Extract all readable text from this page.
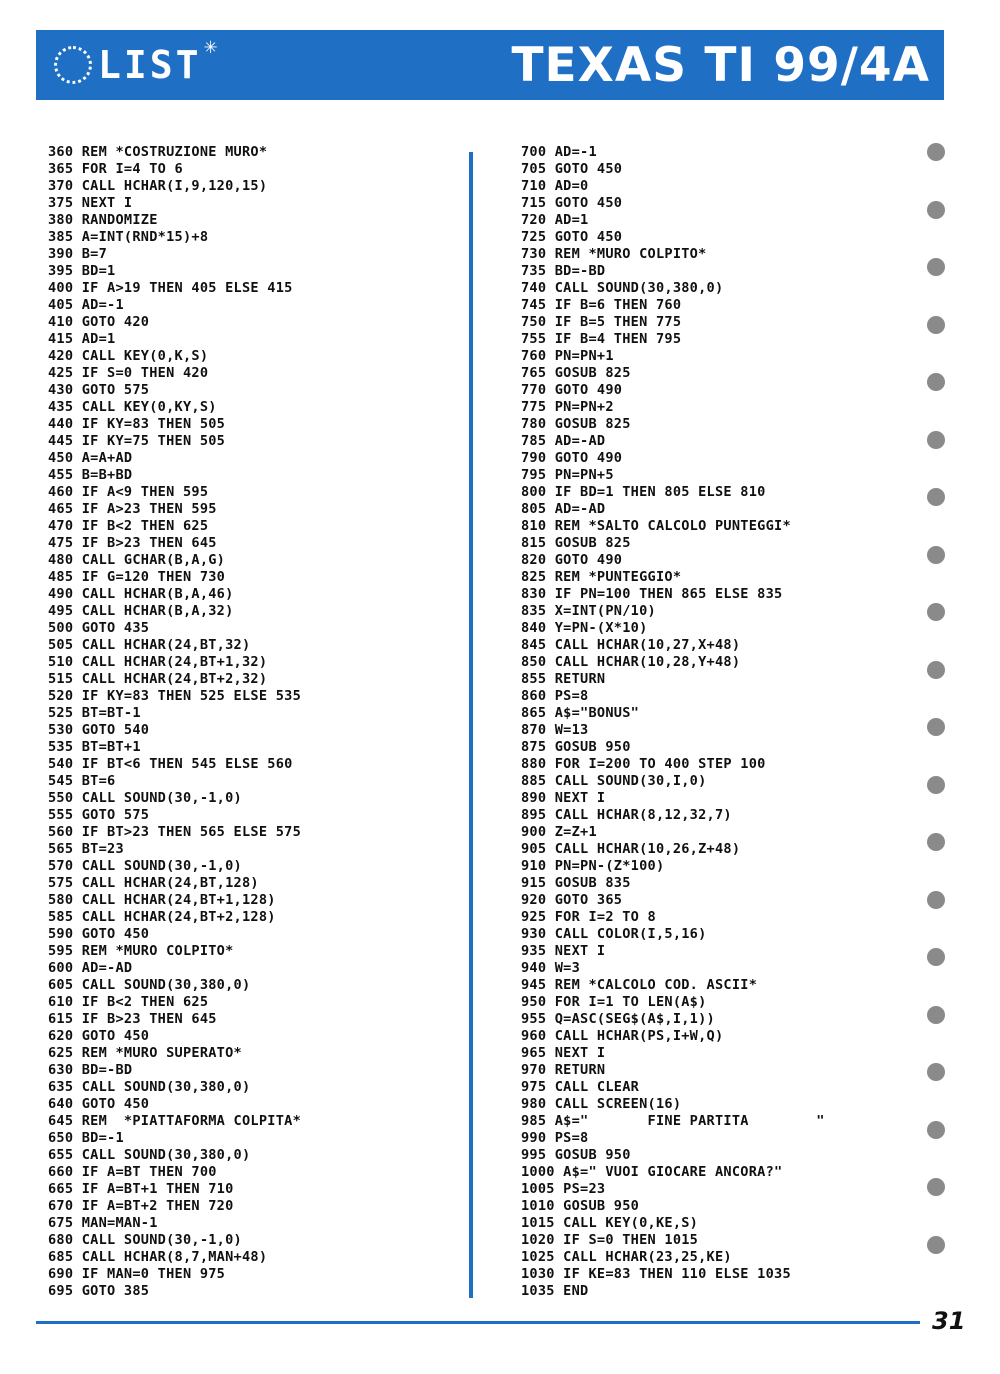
LIST ✳	TEXAS TI 99/4A
360 REM *COSTRUZIONE MURO*
365 FOR I=4 TO 6
370 CALL HCHAR(I,9,120,15)
375 NEXT I
380 RANDOMIZE
385 A=INT(RND*15)+8
390 B=7
395 BD=1
400 IF A>19 THEN 405 ELSE 415
405 AD=-1
410 GOTO 420
415 AD=1
420 CALL KEY(0,K,S)
425 IF S=0 THEN 420
430 GOTO 575
435 CALL KEY(0,KY,S)
440 IF KY=83 THEN 505
445 IF KY=75 THEN 505
450 A=A+AD
455 B=B+BD
460 IF A<9 THEN 595
465 IF A>23 THEN 595
470 IF B<2 THEN 625
475 IF B>23 THEN 645
480 CALL GCHAR(B,A,G)
485 IF G=120 THEN 730
490 CALL HCHAR(B,A,46)
495 CALL HCHAR(B,A,32)
500 GOTO 435
505 CALL HCHAR(24,BT,32)
510 CALL HCHAR(24,BT+1,32)
515 CALL HCHAR(24,BT+2,32)
520 IF KY=83 THEN 525 ELSE 535
525 BT=BT-1
530 GOTO 540
535 BT=BT+1
540 IF BT<6 THEN 545 ELSE 560
545 BT=6
550 CALL SOUND(30,-1,0)
555 GOTO 575
560 IF BT>23 THEN 565 ELSE 575
565 BT=23
570 CALL SOUND(30,-1,0)
575 CALL HCHAR(24,BT,128)
580 CALL HCHAR(24,BT+1,128)
585 CALL HCHAR(24,BT+2,128)
590 GOTO 450
595 REM *MURO COLPITO*
600 AD=-AD
605 CALL SOUND(30,380,0)
610 IF B<2 THEN 625
615 IF B>23 THEN 645
620 GOTO 450
625 REM *MURO SUPERATO*
630 BD=-BD
635 CALL SOUND(30,380,0)
640 GOTO 450
645 REM  *PIATTAFORMA COLPITA*
650 BD=-1
655 CALL SOUND(30,380,0)
660 IF A=BT THEN 700
665 IF A=BT+1 THEN 710
670 IF A=BT+2 THEN 720
675 MAN=MAN-1
680 CALL SOUND(30,-1,0)
685 CALL HCHAR(8,7,MAN+48)
690 IF MAN=0 THEN 975
695 GOTO 385
700 AD=-1
705 GOTO 450
710 AD=0
715 GOTO 450
720 AD=1
725 GOTO 450
730 REM *MURO COLPITO*
735 BD=-BD
740 CALL SOUND(30,380,0)
745 IF B=6 THEN 760
750 IF B=5 THEN 775
755 IF B=4 THEN 795
760 PN=PN+1
765 GOSUB 825
770 GOTO 490
775 PN=PN+2
780 GOSUB 825
785 AD=-AD
790 GOTO 490
795 PN=PN+5
800 IF BD=1 THEN 805 ELSE 810
805 AD=-AD
810 REM *SALTO CALCOLO PUNTEGGI*
815 GOSUB 825
820 GOTO 490
825 REM *PUNTEGGIO*
830 IF PN=100 THEN 865 ELSE 835
835 X=INT(PN/10)
840 Y=PN-(X*10)
845 CALL HCHAR(10,27,X+48)
850 CALL HCHAR(10,28,Y+48)
855 RETURN
860 PS=8
865 A$="BONUS"
870 W=13
875 GOSUB 950
880 FOR I=200 TO 400 STEP 100
885 CALL SOUND(30,I,0)
890 NEXT I
895 CALL HCHAR(8,12,32,7)
900 Z=Z+1
905 CALL HCHAR(10,26,Z+48)
910 PN=PN-(Z*100)
915 GOSUB 835
920 GOTO 365
925 FOR I=2 TO 8
930 CALL COLOR(I,5,16)
935 NEXT I
940 W=3
945 REM *CALCOLO COD. ASCII*
950 FOR I=1 TO LEN(A$)
955 Q=ASC(SEG$(A$,I,1))
960 CALL HCHAR(PS,I+W,Q)
965 NEXT I
970 RETURN
975 CALL CLEAR
980 CALL SCREEN(16)
985 A$="       FINE PARTITA        "
990 PS=8
995 GOSUB 950
1000 A$=" VUOI GIOCARE ANCORA?"
1005 PS=23
1010 GOSUB 950
1015 CALL KEY(0,KE,S)
1020 IF S=0 THEN 1015
1025 CALL HCHAR(23,25,KE)
1030 IF KE=83 THEN 110 ELSE 1035
1035 END
31
